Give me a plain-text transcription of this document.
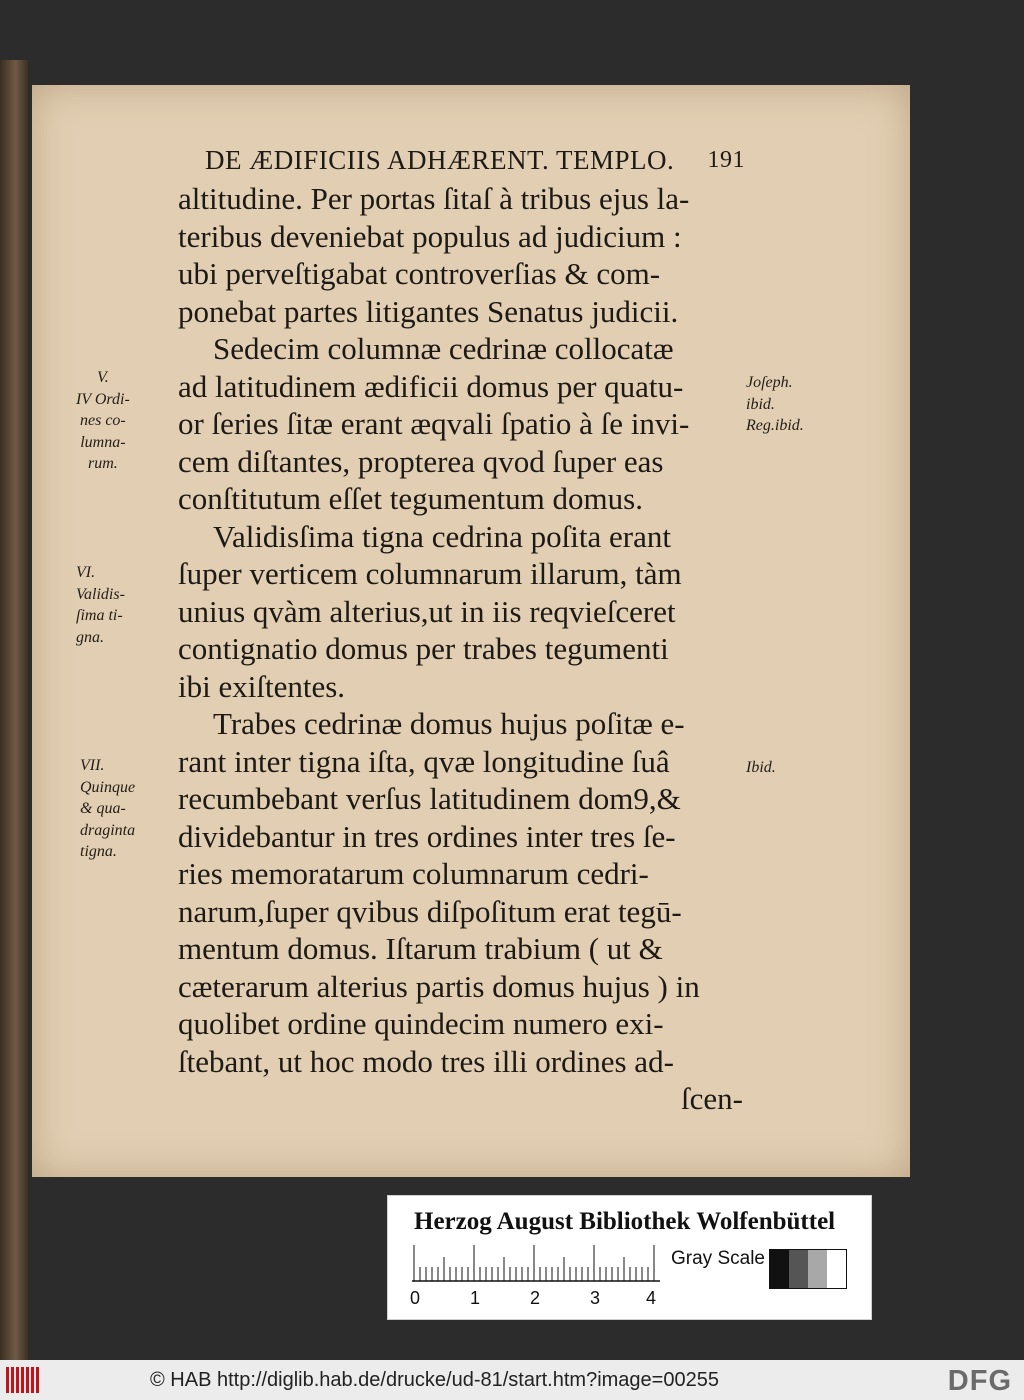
DE ÆDIFICIIS ADHÆRENT. TEMPLO. 191
altitudine. Per portas ſitaſ à tribus ejus la-
teribus deveniebat populus ad judicium :
ubi perveſtigabat controverſias & com-
ponebat partes litigantes Senatus judicii.
Sedecim columnæ cedrinæ collocatæ
ad latitudinem ædificii domus per quatu-
or ſeries ſitæ erant æqvali ſpatio à ſe invi-
cem diſtantes, propterea qvod ſuper eas
conſtitutum eſſet tegumentum domus.
Validisſima tigna cedrina poſita erant
ſuper verticem columnarum illarum, tàm
unius qvàm alterius,ut in iis reqvieſceret
contignatio domus per trabes tegumenti
ibi exiſtentes.
Trabes cedrinæ domus hujus poſitæ e-
rant inter tigna iſta, qvæ longitudine ſuâ
recumbebant verſus latitudinem dom9,&
dividebantur in tres ordines inter tres ſe-
ries memoratarum columnarum cedri-
narum,ſuper qvibus diſpoſitum erat tegū-
mentum domus. Iſtarum trabium ( ut &
cæterarum alterius partis domus hujus ) in
quolibet ordine quindecim numero exi-
ſtebant, ut hoc modo tres illi ordines ad-
ſcen-
V.
IV Ordi-
nes co-
lumna-
rum.
VI.
Validis-
ſima ti-
gna.
VII.
Quinque
& qua-
draginta
tigna.
Joſeph.
ibid.
Reg.ibid.
Ibid.
Herzog August Bibliothek Wolfenbüttel
0	1	2	3	4
Gray Scale
© HAB http://diglib.hab.de/drucke/ud-81/start.htm?image=00255	DFG
